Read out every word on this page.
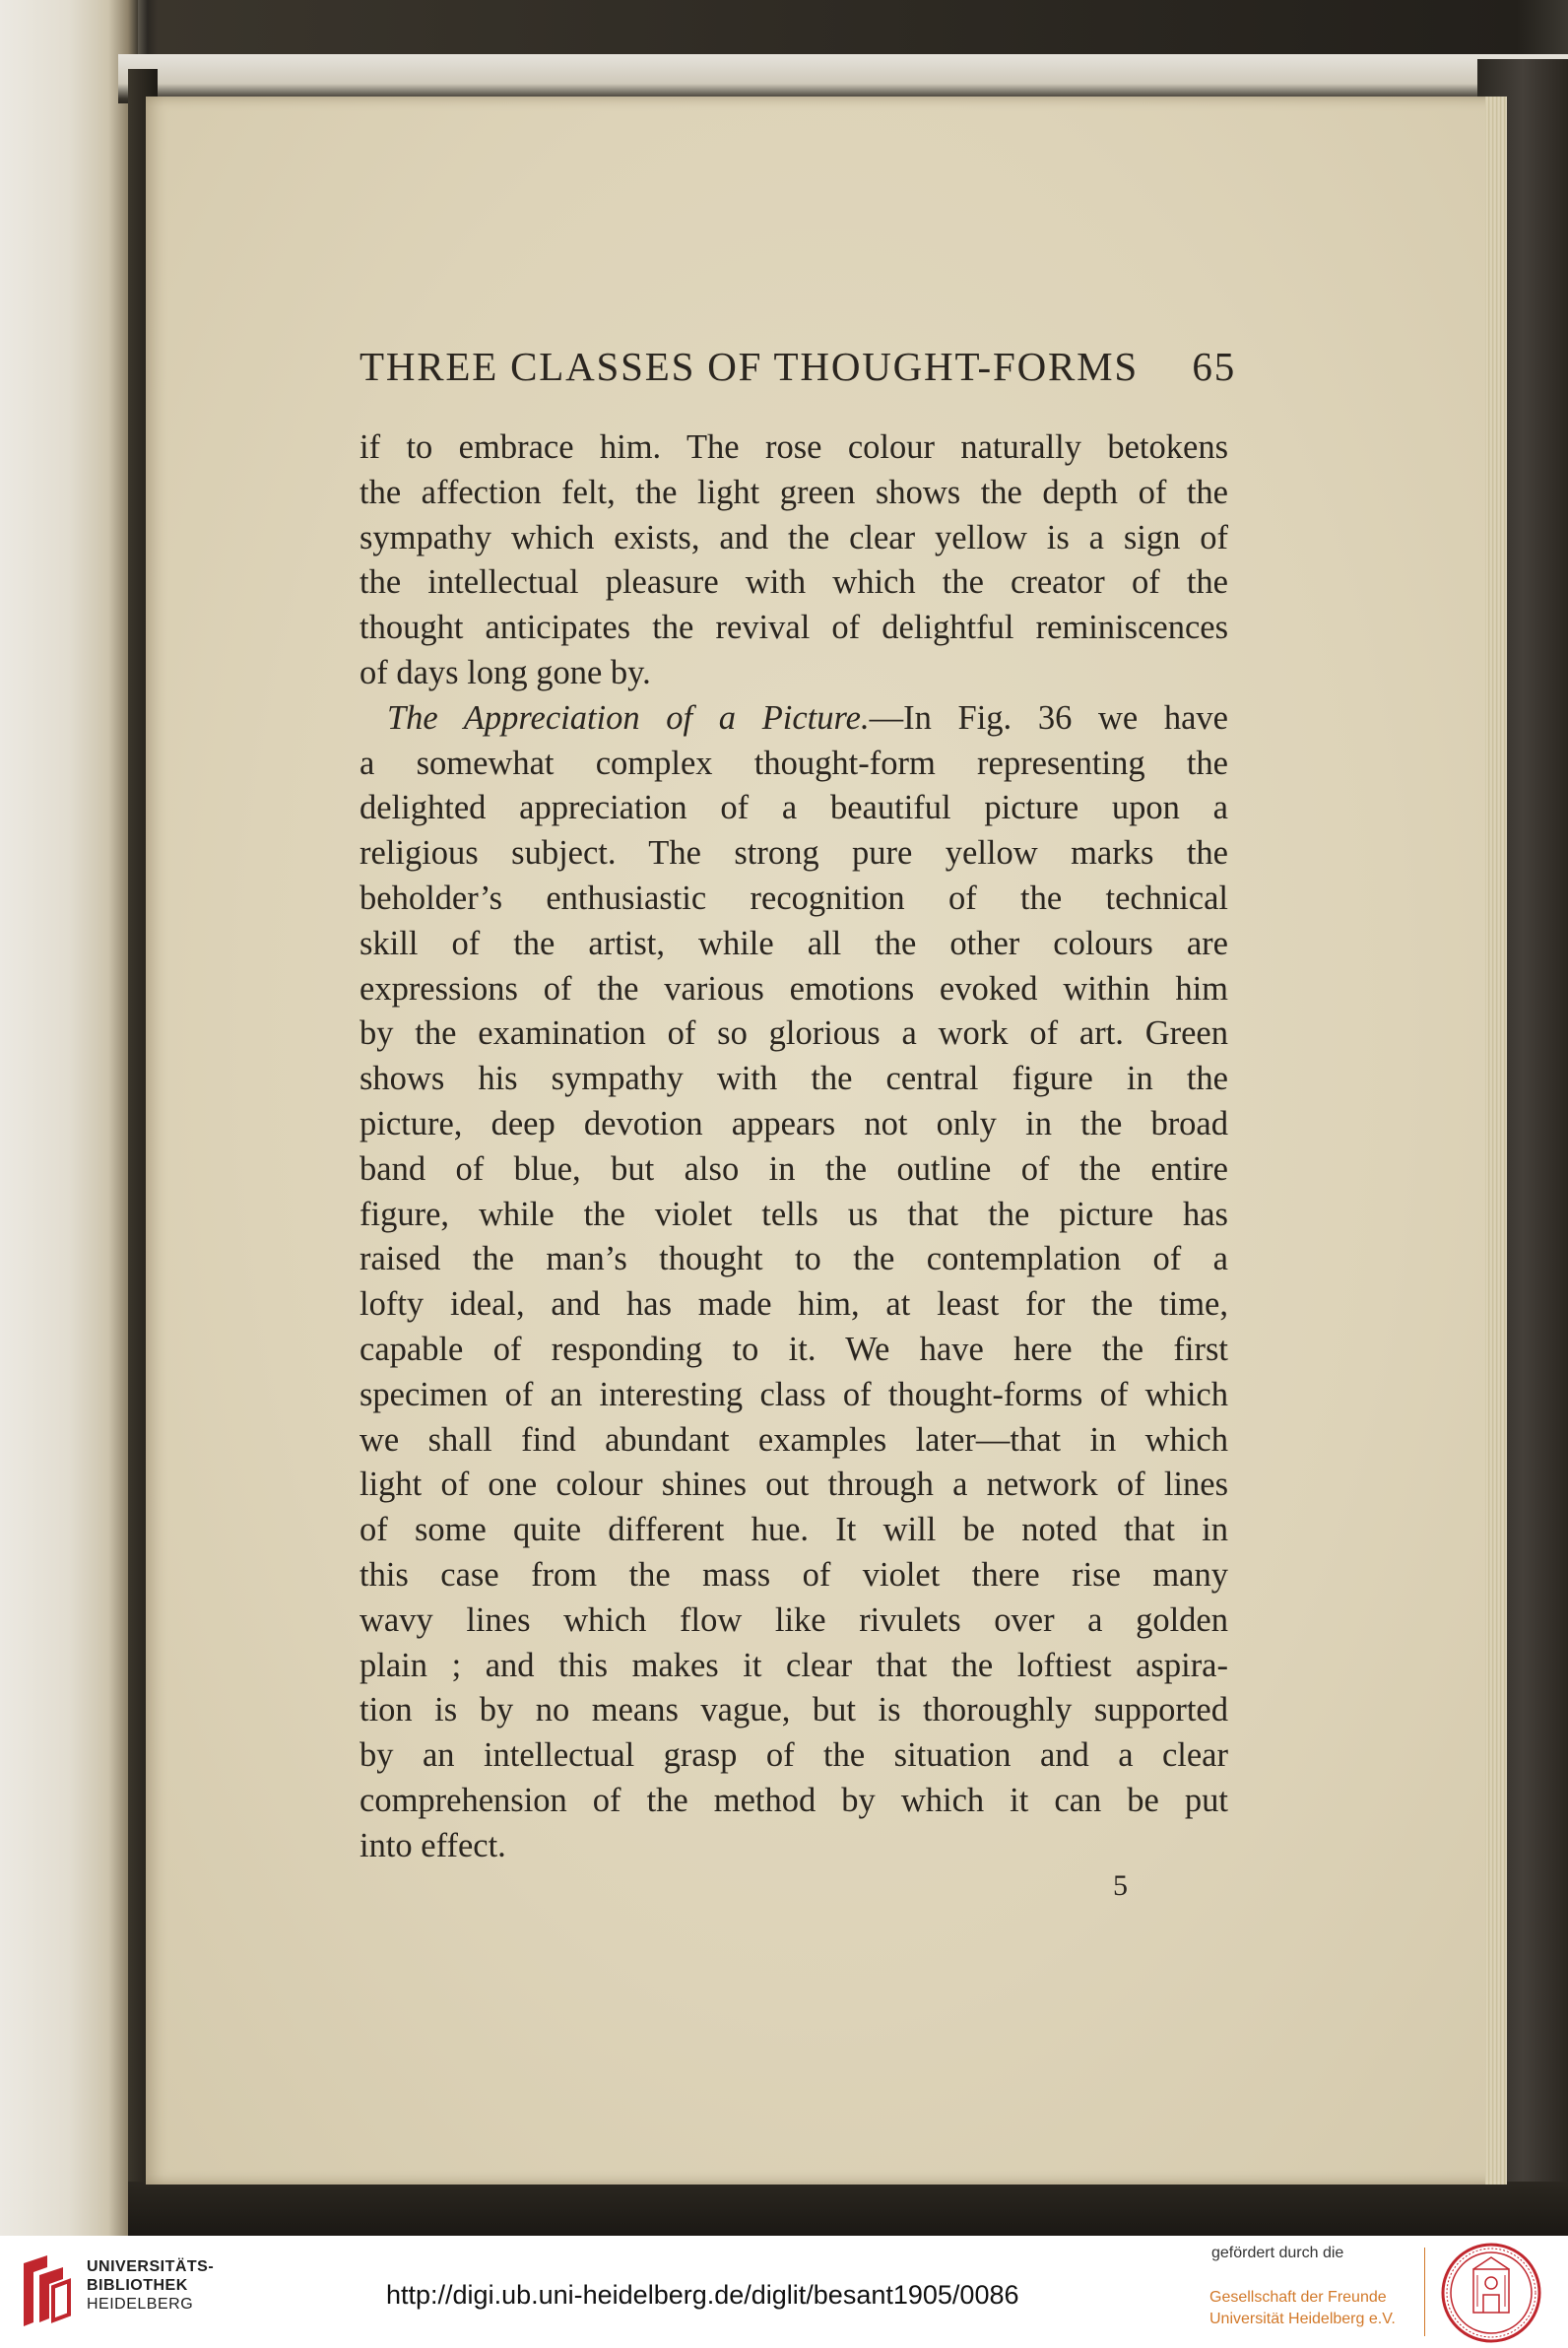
THREE CLASSES OF THOUGHT-FORMS 65
if to embrace him. The rose colour naturally betokens
the affection felt, the light green shows the depth of the
sympathy which exists, and the clear yellow is a sign of
the intellectual pleasure with which the creator of the
thought anticipates the revival of delightful reminiscences
of days long gone by.
The Appreciation of a Picture.—In Fig. 36 we have
a somewhat complex thought-form representing the
delighted appreciation of a beautiful picture upon a
religious subject. The strong pure yellow marks the
beholder’s enthusiastic recognition of the technical
skill of the artist, while all the other colours are
expressions of the various emotions evoked within him
by the examination of so glorious a work of art. Green
shows his sympathy with the central figure in the
picture, deep devotion appears not only in the broad
band of blue, but also in the outline of the entire
figure, while the violet tells us that the picture has
raised the man’s thought to the contemplation of a
lofty ideal, and has made him, at least for the time,
capable of responding to it. We have here the first
specimen of an interesting class of thought-forms of which
we shall find abundant examples later—that in which
light of one colour shines out through a network of lines
of some quite different hue. It will be noted that in
this case from the mass of violet there rise many
wavy lines which flow like rivulets over a golden
plain ; and this makes it clear that the loftiest aspira-
tion is by no means vague, but is thoroughly supported
by an intellectual grasp of the situation and a clear
comprehension of the method by which it can be put
into effect.
5
UNIVERSITÄTS-
BIBLIOTHEK
HEIDELBERG	http://digi.ub.uni-heidelberg.de/diglit/besant1905/0086
gefördert durch die
Gesellschaft der Freunde
Universität Heidelberg e.V.
